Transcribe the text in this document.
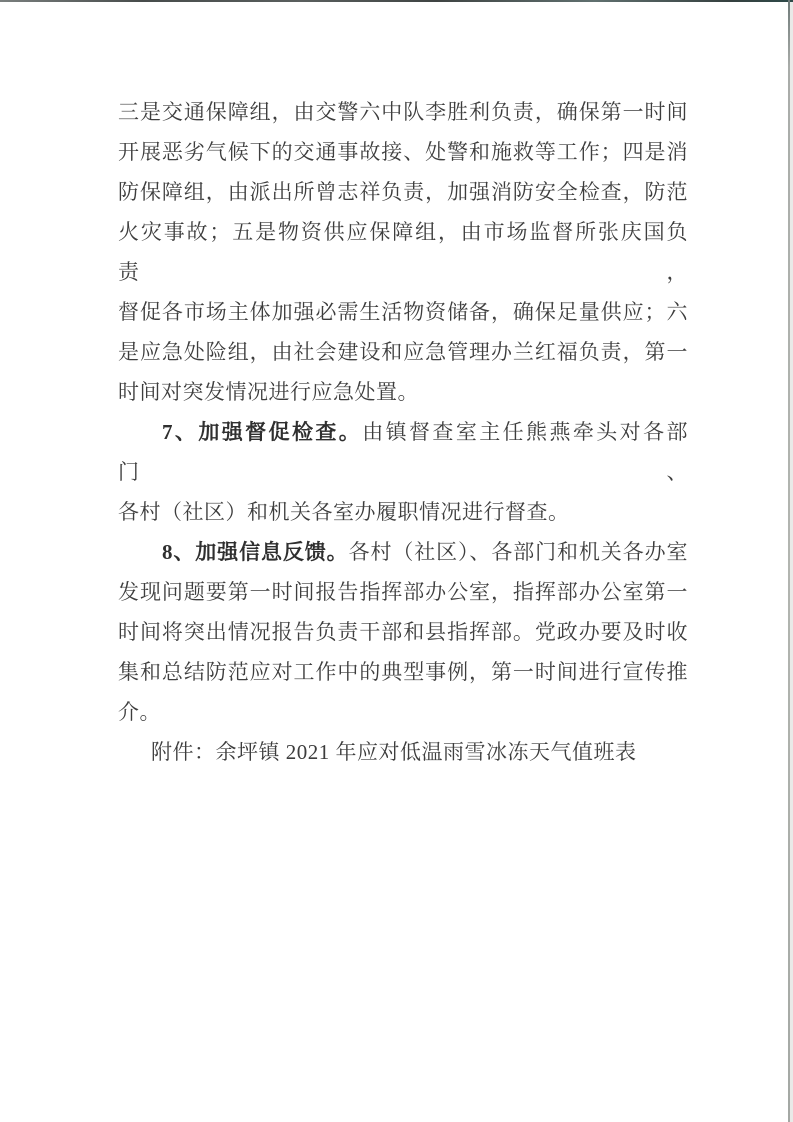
三是交通保障组，由交警六中队李胜利负责，确保第一时间
开展恶劣气候下的交通事故接、处警和施救等工作；四是消
防保障组，由派出所曾志祥负责，加强消防安全检查，防范
火灾事故；五是物资供应保障组，由市场监督所张庆国负责，
督促各市场主体加强必需生活物资储备，确保足量供应；六
是应急处险组，由社会建设和应急管理办兰红福负责，第一
时间对突发情况进行应急处置。
7、加强督促检查。由镇督查室主任熊燕牵头对各部门、
各村（社区）和机关各室办履职情况进行督查。
8、加强信息反馈。各村（社区）、各部门和机关各办室
发现问题要第一时间报告指挥部办公室，指挥部办公室第一
时间将突出情况报告负责干部和县指挥部。党政办要及时收
集和总结防范应对工作中的典型事例，第一时间进行宣传推
介。
附件：余坪镇 2021 年应对低温雨雪冰冻天气值班表
